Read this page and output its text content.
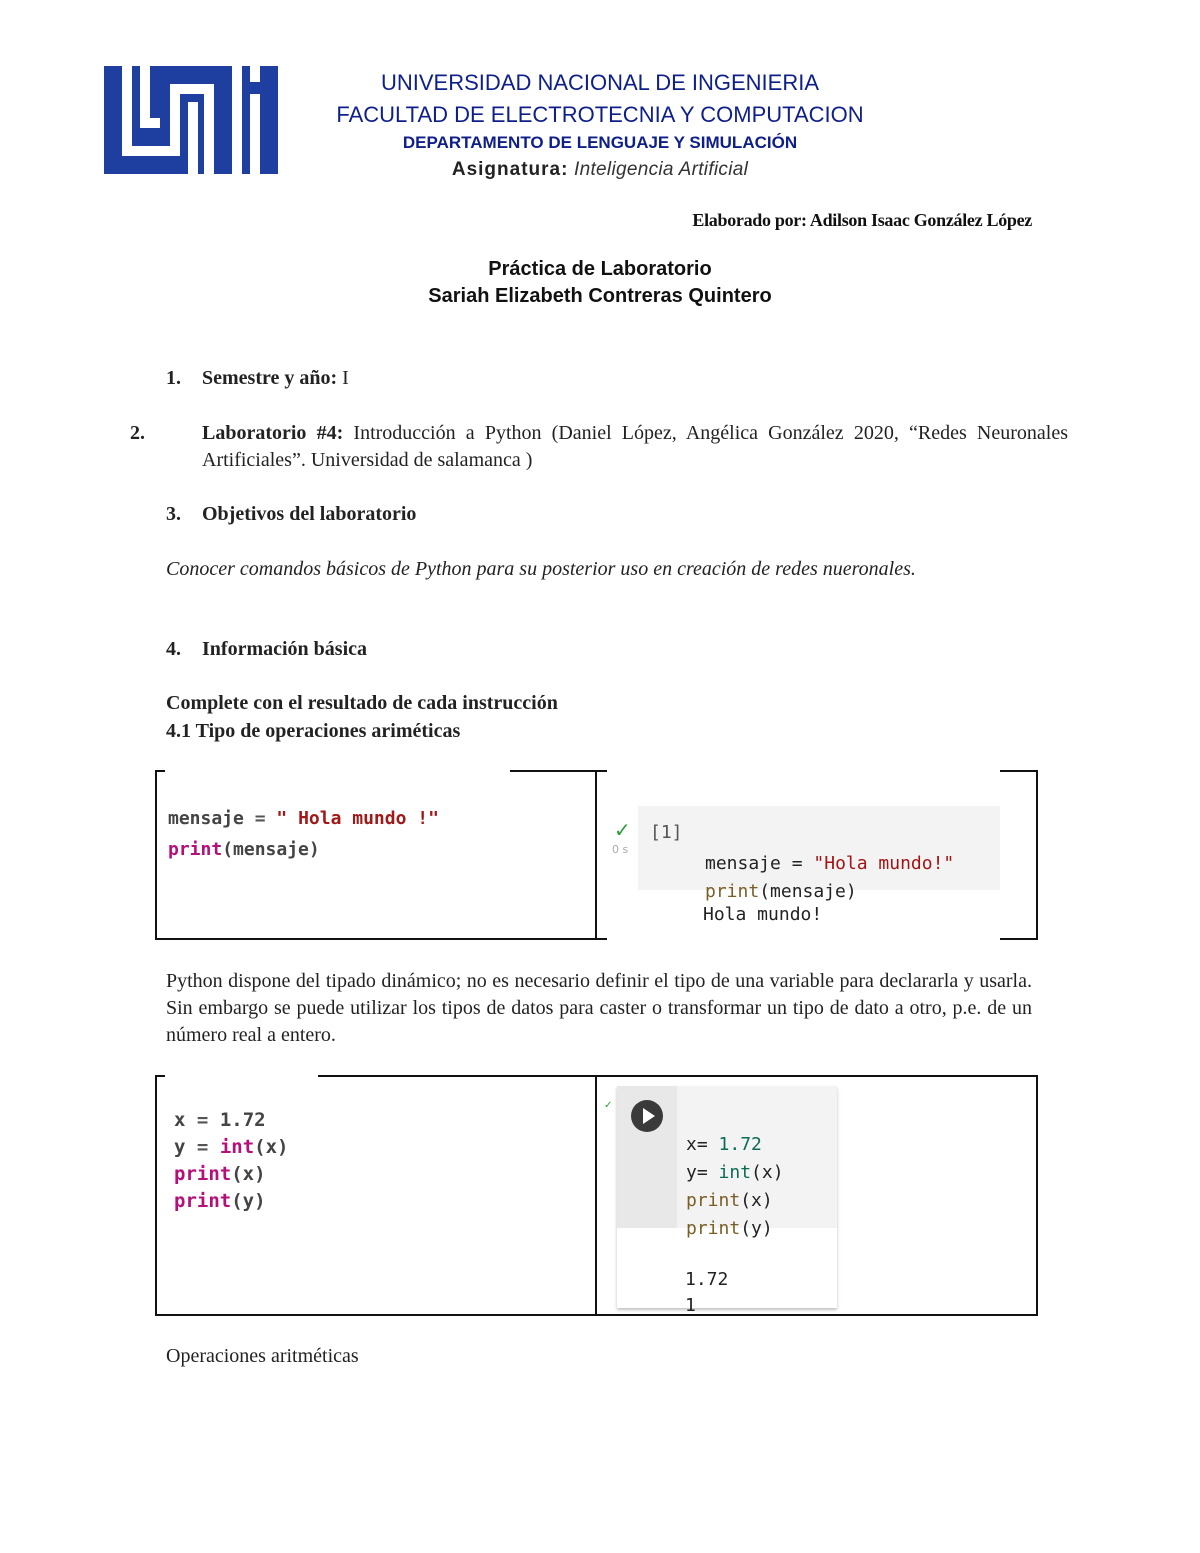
UNIVERSIDAD NACIONAL DE INGENIERIA
FACULTAD DE ELECTROTECNIA Y COMPUTACION
DEPARTAMENTO DE LENGUAJE Y SIMULACIÓN
Asignatura: Inteligencia Artificial
Elaborado por: Adilson Isaac González López
Práctica de Laboratorio
Sariah Elizabeth Contreras Quintero
1. Semestre y año: I
2.	Laboratorio #4: Introducción a Python (Daniel López, Angélica González 2020, “Redes Neuronales Artificiales”. Universidad de salamanca )
3. Objetivos del laboratorio
Conocer comandos básicos de Python para su posterior uso en creación de redes nueronales.
4. Información básica
Complete con el resultado de cada instrucción
4.1 Tipo de operaciones ariméticas

mensaje = " Hola mundo !"
print(mensaje)

✓
0 s
[1]

mensaje = "Hola mundo!"
print(mensaje)

Hola mundo!
Python dispone del tipado dinámico; no es necesario definir el tipo de una variable para declararla y usarla. Sin embargo se puede utilizar los tipos de datos para caster o transformar un tipo de dato a otro, p.e. de un número real a entero.

x = 1.72
y = int(x)
print(x)
print(y)

✓

x= 1.72
y= int(x)
print(x)
print(y)

1.72
1

Operaciones aritméticas
